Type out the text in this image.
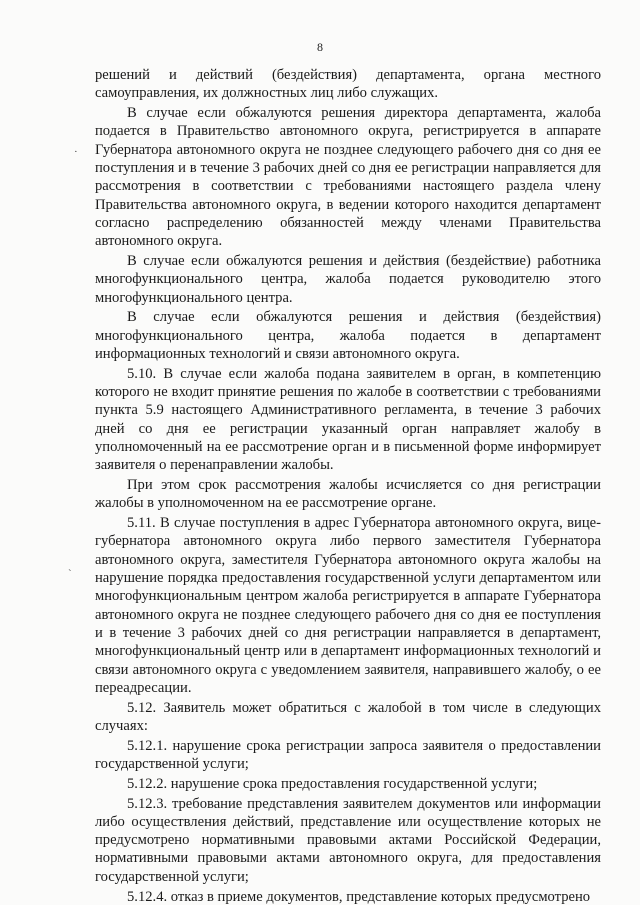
8
·
`

решений и действий (бездействия) департамента, органа местного самоуправления, их должностных лиц либо служащих.

В случае если обжалуются решения директора департамента, жалоба подается в Правительство автономного округа, регистрируется в аппарате Губернатора автономного округа не позднее следующего рабочего дня со дня ее поступления и в течение 3 рабочих дней со дня ее регистрации направляется для рассмотрения в соответствии с требованиями настоящего раздела члену Правительства автономного округа, в ведении которого находится департамент согласно распределению обязанностей между членами Правительства автономного округа.

В случае если обжалуются решения и действия (бездействие) работника многофункционального центра, жалоба подается руководителю этого многофункционального центра.

В случае если обжалуются решения и действия (бездействия) многофункционального центра, жалоба подается в департамент информационных технологий и связи автономного округа.

5.10. В случае если жалоба подана заявителем в орган, в компетенцию которого не входит принятие решения по жалобе в соответствии с требованиями пункта 5.9 настоящего Административного регламента, в течение 3 рабочих дней со дня ее регистрации указанный орган направляет жалобу в уполномоченный на ее рассмотрение орган и в письменной форме информирует заявителя о перенаправлении жалобы.

При этом срок рассмотрения жалобы исчисляется со дня регистрации жалобы в уполномоченном на ее рассмотрение органе.

5.11. В случае поступления в адрес Губернатора автономного округа, вице-губернатора автономного округа либо первого заместителя Губернатора автономного округа, заместителя Губернатора автономного округа жалобы на нарушение порядка предоставления государственной услуги департаментом или многофункциональным центром жалоба регистрируется в аппарате Губернатора автономного округа не позднее следующего рабочего дня со дня ее поступления и в течение 3 рабочих дней со дня регистрации направляется в департамент, многофункциональный центр или в департамент информационных технологий и связи автономного округа с уведомлением заявителя, направившего жалобу, о ее переадресации.

5.12. Заявитель может обратиться с жалобой в том числе в следующих случаях:

5.12.1. нарушение срока регистрации запроса заявителя о предоставлении государственной услуги;

5.12.2. нарушение срока предоставления государственной услуги;

5.12.3. требование представления заявителем документов или информации либо осуществления действий, представление или осуществление которых не предусмотрено нормативными правовыми актами Российской Федерации, нормативными правовыми актами автономного округа, для предоставления государственной услуги;

5.12.4. отказ в приеме документов, представление которых предусмотрено
